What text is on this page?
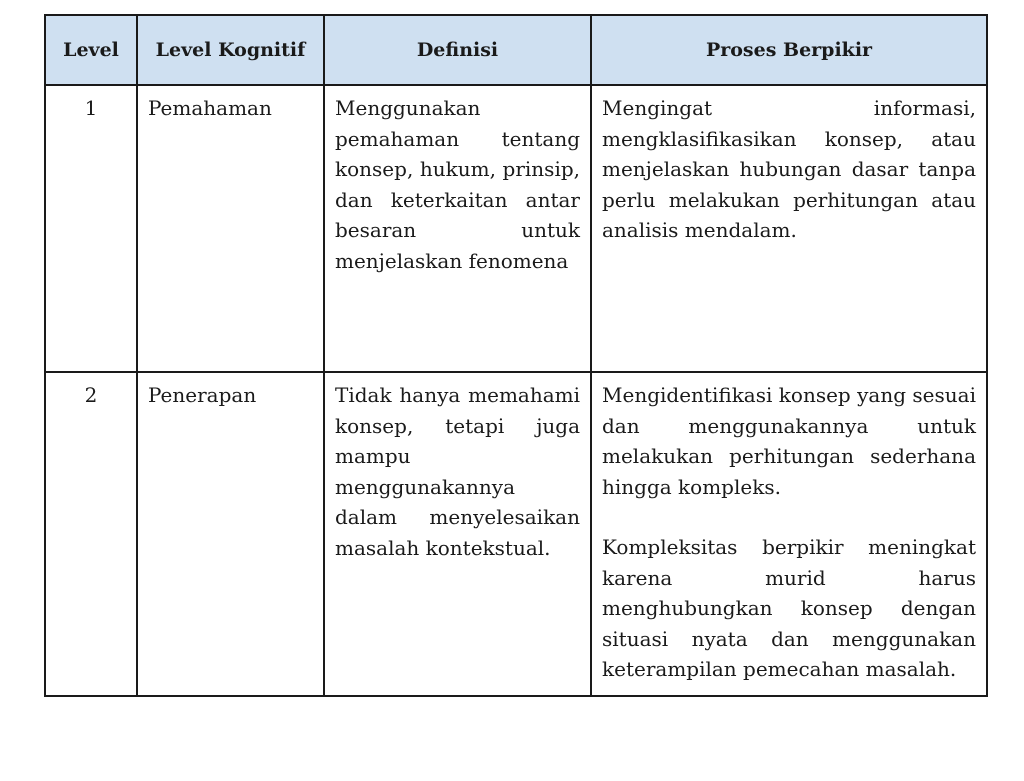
Level	Level Kognitif	Definisi	Proses Berpikir
1	Pemahaman	Menggunakan pemahaman tentang konsep, hukum, prinsip, dan keterkaitan antar besaran untuk menjelaskan fenomena	Mengingat informasi, mengklasifikasikan konsep, atau menjelaskan hubungan dasar tanpa perlu melakukan perhitungan atau analisis mendalam.

2	Penerapan	Tidak hanya memahami konsep, tetapi juga mampu menggunakannya dalam menyelesaikan masalah kontekstual.	Mengidentifikasi konsep yang sesuai dan menggunakannya untuk melakukan perhitungan sederhana hingga kompleks.
Kompleksitas berpikir meningkat karena murid harus menghubungkan konsep dengan situasi nyata dan menggunakan keterampilan pemecahan masalah.
